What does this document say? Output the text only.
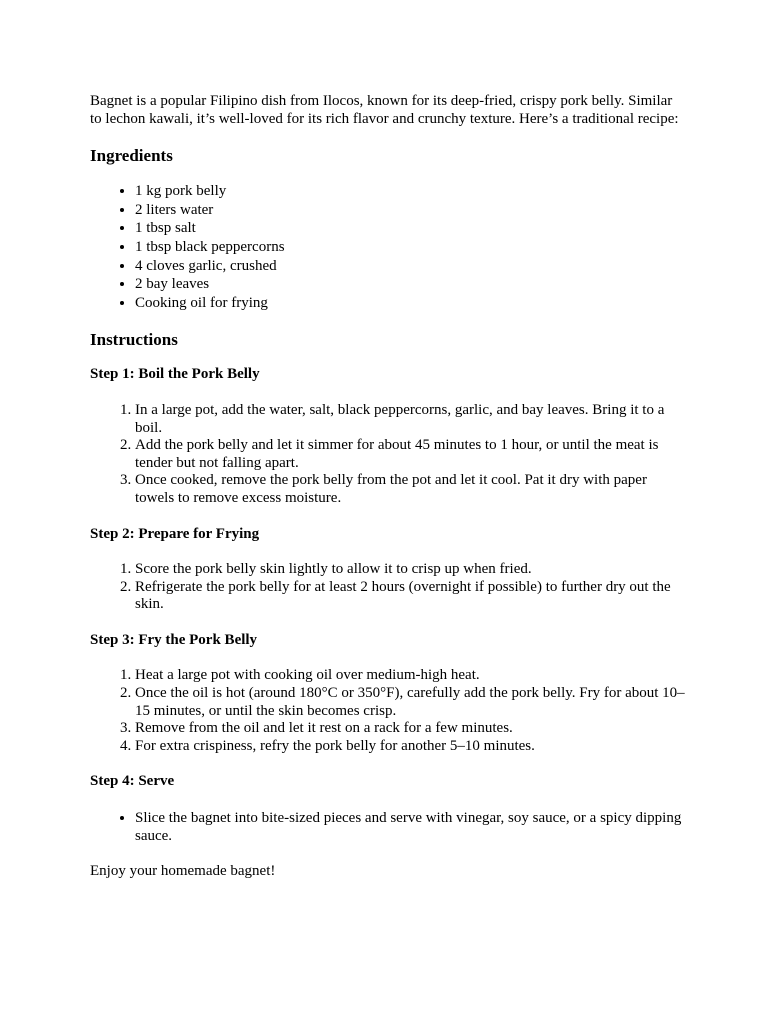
Bagnet is a popular Filipino dish from Ilocos, known for its deep-fried, crispy pork belly. Similar to lechon kawali, it’s well-loved for its rich flavor and crunchy texture. Here’s a traditional recipe:

Ingredients
• 1 kg pork belly
• 2 liters water
• 1 tbsp salt
• 1 tbsp black peppercorns
• 4 cloves garlic, crushed
• 2 bay leaves
• Cooking oil for frying
Instructions
Step 1: Boil the Pork Belly
1. In a large pot, add the water, salt, black peppercorns, garlic, and bay leaves. Bring it to a boil.
2. Add the pork belly and let it simmer for about 45 minutes to 1 hour, or until the meat is tender but not falling apart.
3. Once cooked, remove the pork belly from the pot and let it cool. Pat it dry with paper towels to remove excess moisture.
Step 2: Prepare for Frying
1. Score the pork belly skin lightly to allow it to crisp up when fried.
2. Refrigerate the pork belly for at least 2 hours (overnight if possible) to further dry out the skin.
Step 3: Fry the Pork Belly
1. Heat a large pot with cooking oil over medium-high heat.
2. Once the oil is hot (around 180°C or 350°F), carefully add the pork belly. Fry for about 10–15 minutes, or until the skin becomes crisp.
3. Remove from the oil and let it rest on a rack for a few minutes.
4. For extra crispiness, refry the pork belly for another 5–10 minutes.
Step 4: Serve
• Slice the bagnet into bite-sized pieces and serve with vinegar, soy sauce, or a spicy dipping sauce.

Enjoy your homemade bagnet!
